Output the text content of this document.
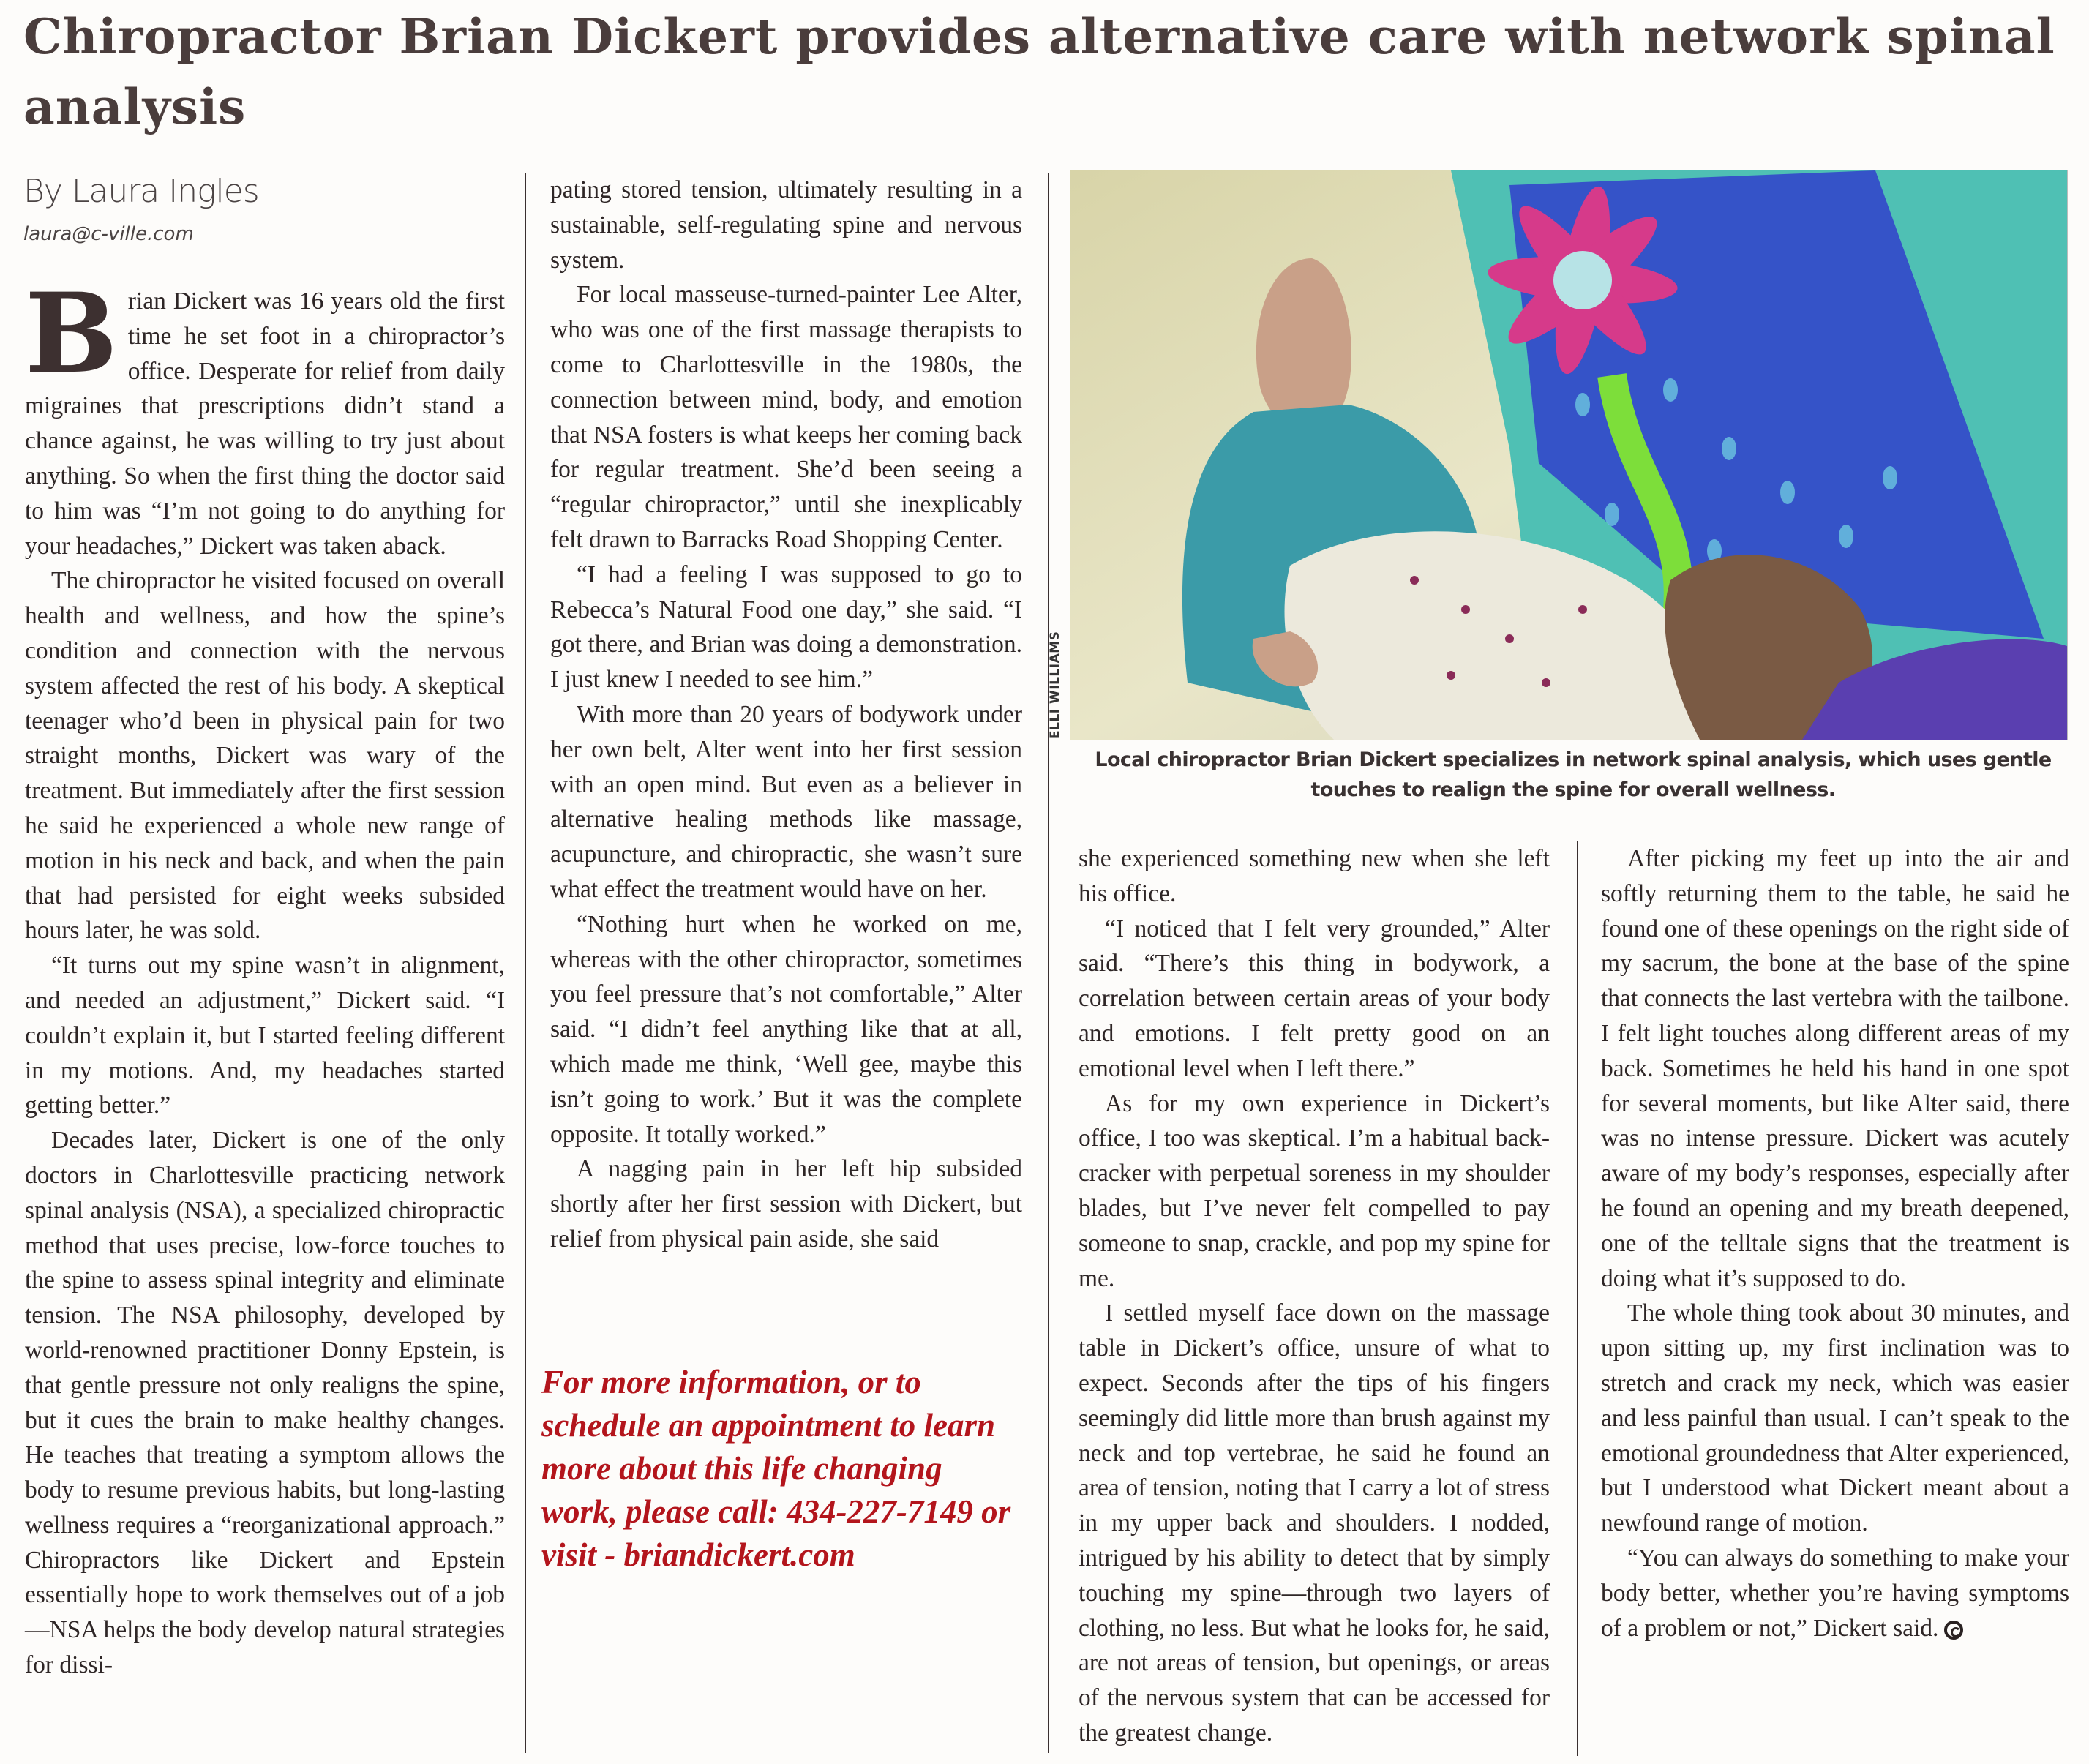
Chiropractor Brian Dickert provides alternative care with network spinal analysis
By Laura Ingles
laura@c-ville.com
B rian Dickert was 16 years old the first time he set foot in a chiropractor’s office. Desperate for relief from daily migraines that prescriptions didn’t stand a chance against, he was willing to try just about anything. So when the first thing the doctor said to him was “I’m not going to do anything for your headaches,” Dickert was taken aback.

The chiropractor he visited focused on overall health and wellness, and how the spine’s condition and connection with the nervous system affected the rest of his body. A skeptical teenager who’d been in physical pain for two straight months, Dickert was wary of the treatment. But immediately after the first session he said he experienced a whole new range of motion in his neck and back, and when the pain that had persisted for eight weeks subsided hours later, he was sold.

“It turns out my spine wasn’t in alignment, and needed an adjustment,” Dickert said. “I couldn’t explain it, but I started feeling different in my motions. And, my headaches started getting better.”

Decades later, Dickert is one of the only doctors in Charlottesville practicing network spinal analysis (NSA), a specialized chiropractic method that uses precise, low-force touches to the spine to assess spinal integrity and eliminate tension. The NSA philosophy, developed by world-renowned practitioner Donny Epstein, is that gentle pressure not only realigns the spine, but it cues the brain to make healthy changes. He teaches that treating a symptom allows the body to resume previous habits, but long-lasting wellness requires a “reorganizational approach.” Chiropractors like Dickert and Epstein essentially hope to work themselves out of a job—NSA helps the body develop natural strategies for dissi-

pating stored tension, ultimately resulting in a sustainable, self-regulating spine and nervous system.

For local masseuse-turned-painter Lee Alter, who was one of the first massage therapists to come to Charlottesville in the 1980s, the connection between mind, body, and emotion that NSA fosters is what keeps her coming back for regular treatment. She’d been seeing a “regular chiropractor,” until she inexplicably felt drawn to Barracks Road Shopping Center.

“I had a feeling I was supposed to go to Rebecca’s Natural Food one day,” she said. “I got there, and Brian was doing a demonstration. I just knew I needed to see him.”

With more than 20 years of bodywork under her own belt, Alter went into her first session with an open mind. But even as a believer in alternative healing methods like massage, acupuncture, and chiropractic, she wasn’t sure what effect the treatment would have on her.

“Nothing hurt when he worked on me, whereas with the other chiropractor, sometimes you feel pressure that’s not comfortable,” Alter said. “I didn’t feel anything like that at all, which made me think, ‘Well gee, maybe this isn’t going to work.’ But it was the complete opposite. It totally worked.”

A nagging pain in her left hip subsided shortly after her first session with Dickert, but relief from physical pain aside, she said

For more information, or to schedule an appointment to learn more about this life changing work, please call: 434-227-7149 or visit - briandickert.com
ELLI WILLIAMS
Local chiropractor Brian Dickert specializes in network spinal analysis, which uses gentle touches to realign the spine for overall wellness.

she experienced something new when she left his office.

“I noticed that I felt very grounded,” Alter said. “There’s this thing in bodywork, a correlation between certain areas of your body and emotions. I felt pretty good on an emotional level when I left there.”

As for my own experience in Dickert’s office, I too was skeptical. I’m a habitual back-cracker with perpetual soreness in my shoulder blades, but I’ve never felt compelled to pay someone to snap, crackle, and pop my spine for me.

I settled myself face down on the massage table in Dickert’s office, unsure of what to expect. Seconds after the tips of his fingers seemingly did little more than brush against my neck and top vertebrae, he said he found an area of tension, noting that I carry a lot of stress in my upper back and shoulders. I nodded, intrigued by his ability to detect that by simply touching my spine—through two layers of clothing, no less. But what he looks for, he said, are not areas of tension, but openings, or areas of the nervous system that can be accessed for the greatest change.

After picking my feet up into the air and softly returning them to the table, he said he found one of these openings on the right side of my sacrum, the bone at the base of the spine that connects the last vertebra with the tailbone. I felt light touches along different areas of my back. Sometimes he held his hand in one spot for several moments, but like Alter said, there was no intense pressure. Dickert was acutely aware of my body’s responses, especially after he found an opening and my breath deepened, one of the telltale signs that the treatment is doing what it’s supposed to do.

The whole thing took about 30 minutes, and upon sitting up, my first inclination was to stretch and crack my neck, which was easier and less painful than usual. I can’t speak to the emotional groundedness that Alter experienced, but I understood what Dickert meant about a newfound range of motion.

“You can always do something to make your body better, whether you’re having symptoms of a problem or not,” Dickert said.
